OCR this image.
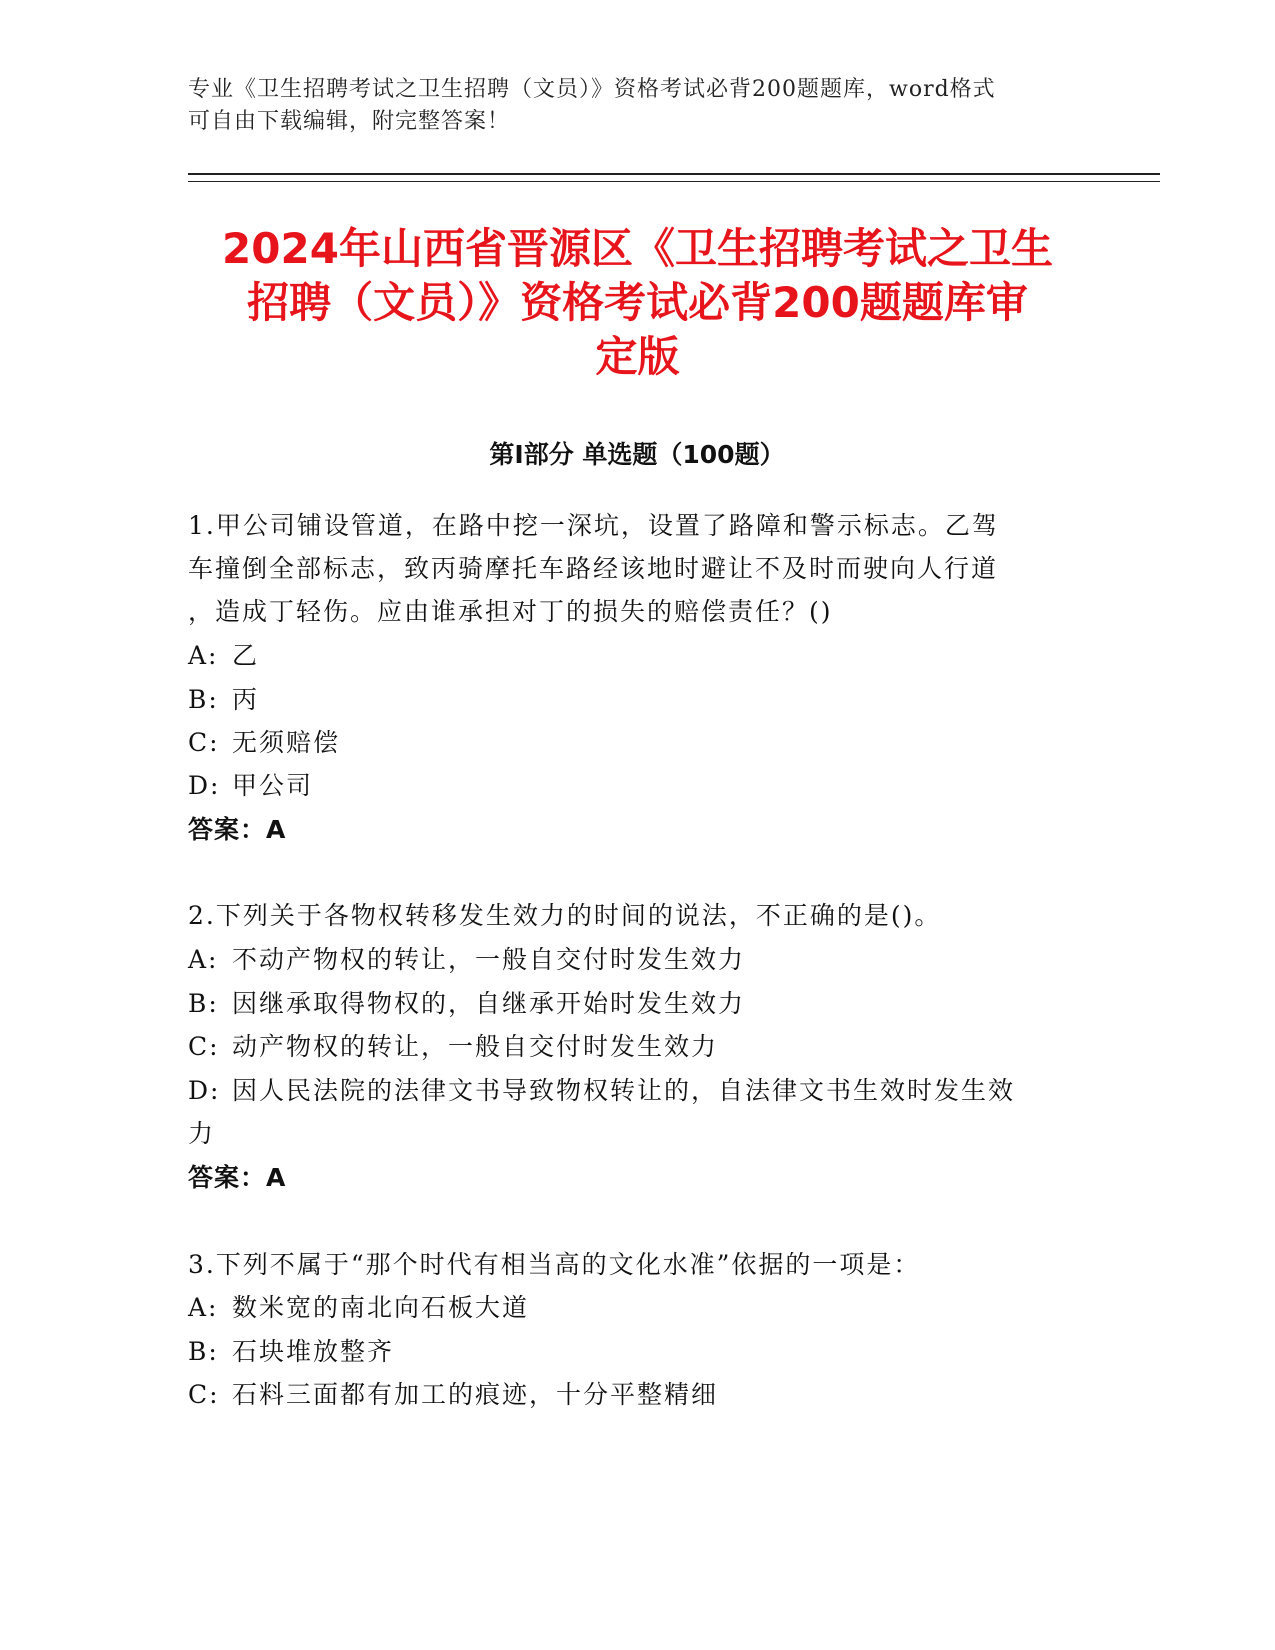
专业《卫生招聘考试之卫生招聘（文员）》资格考试必背200题题库，word格式
可自由下载编辑，附完整答案！
2024年山西省晋源区《卫生招聘考试之卫生
招聘（文员）》资格考试必背200题题库审
定版
第Ⅰ部分 单选题（100题）
1.甲公司铺设管道，在路中挖一深坑，设置了路障和警示标志。乙驾
车撞倒全部标志，致丙骑摩托车路经该地时避让不及时而驶向人行道
，造成丁轻伤。应由谁承担对丁的损失的赔偿责任？()
A: 乙
B: 丙
C: 无须赔偿
D: 甲公司
答案：A
2.下列关于各物权转移发生效力的时间的说法，不正确的是()。
A: 不动产物权的转让，一般自交付时发生效力
B: 因继承取得物权的，自继承开始时发生效力
C: 动产物权的转让，一般自交付时发生效力
D: 因人民法院的法律文书导致物权转让的，自法律文书生效时发生效
力
答案：A
3.下列不属于“那个时代有相当高的文化水准”依据的一项是：
A: 数米宽的南北向石板大道
B: 石块堆放整齐
C: 石料三面都有加工的痕迹，十分平整精细
